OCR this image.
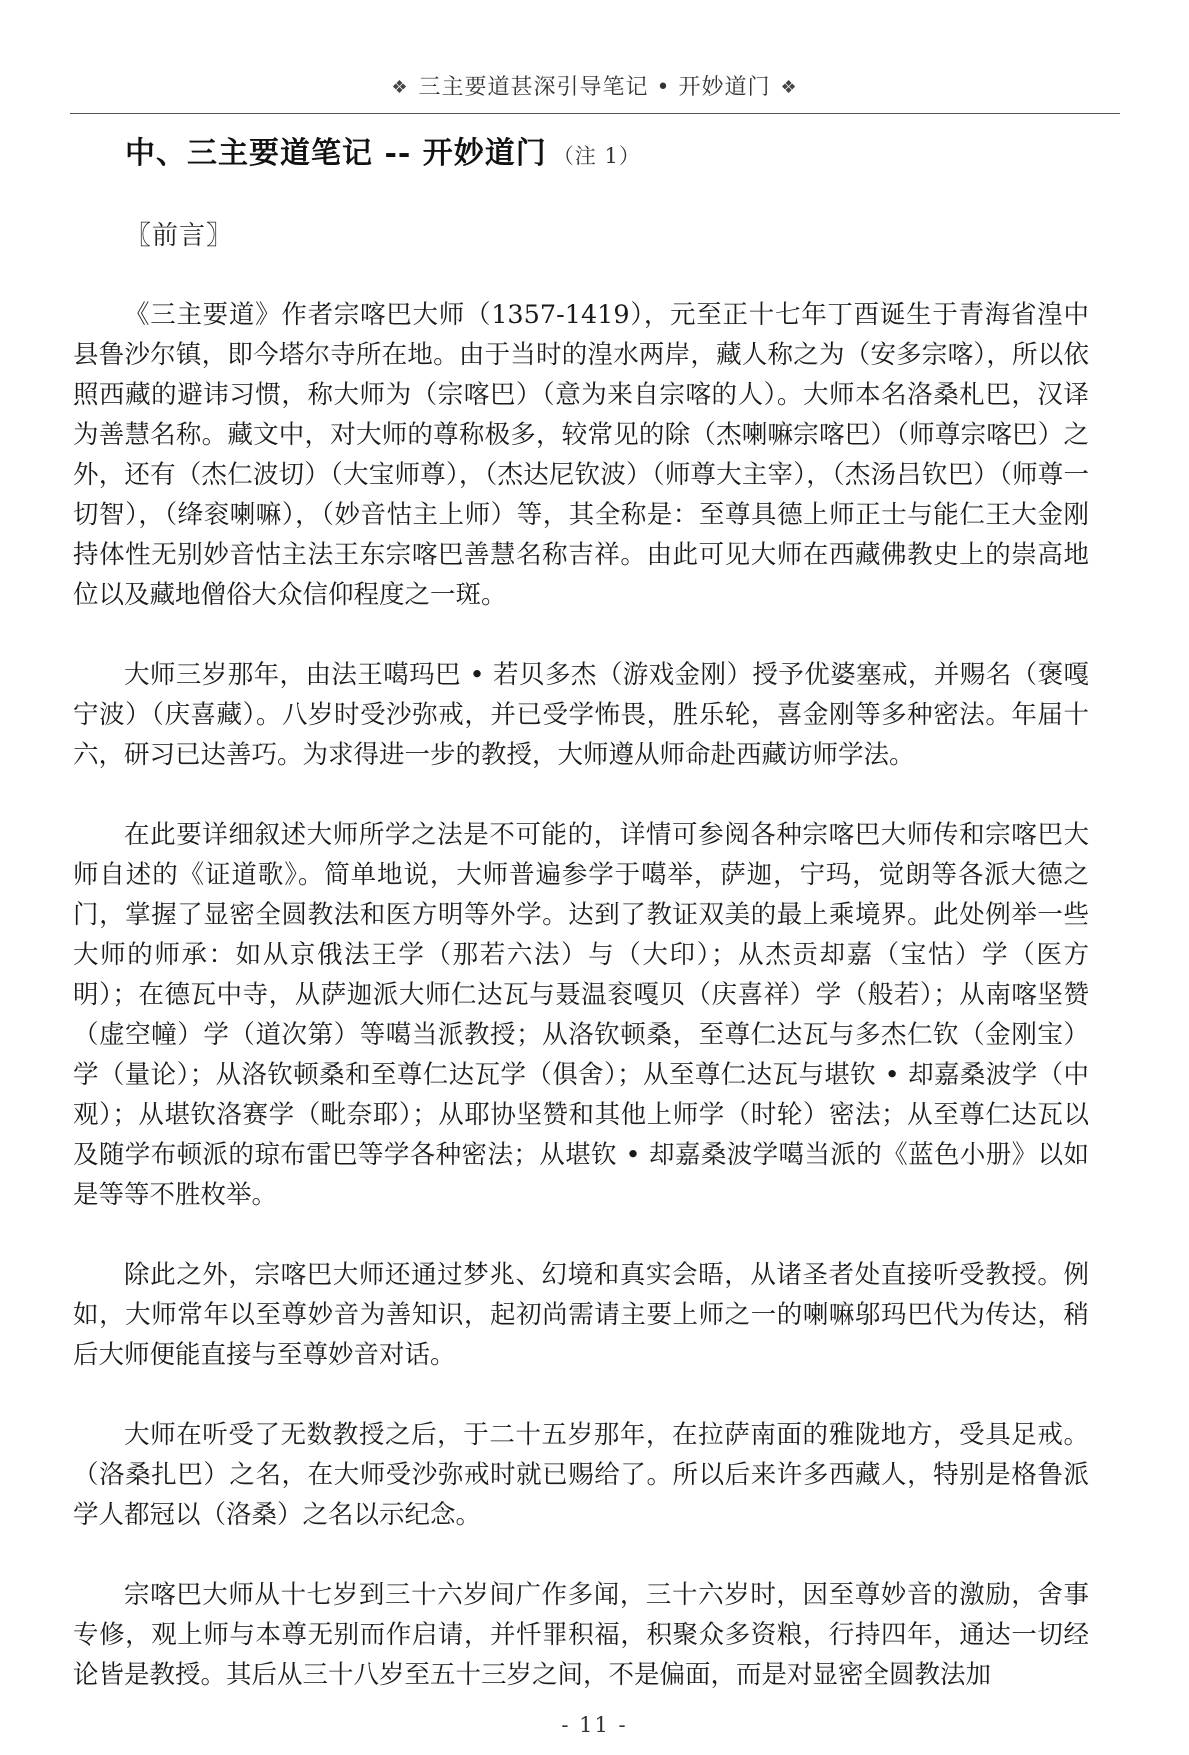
❖ 三主要道甚深引导笔记 • 开妙道门 ❖
中、三主要道笔记 -- 开妙道门 （注 1）
〖前言〗

《三主要道》作者宗喀巴大师（1357-1419），元至正十七年丁酉诞生于青海省湟中县鲁沙尔镇，即今塔尔寺所在地。由于当时的湟水两岸，藏人称之为（安多宗喀），所以依照西藏的避讳习惯，称大师为（宗喀巴）（意为来自宗喀的人）。大师本名洛桑札巴，汉译为善慧名称。藏文中，对大师的尊称极多，较常见的除（杰喇嘛宗喀巴）（师尊宗喀巴）之外，还有（杰仁波切）（大宝师尊），（杰达尼钦波）（师尊大主宰），（杰汤吕钦巴）（师尊一切智），（绛衮喇嘛），（妙音怙主上师）等，其全称是：至尊具德上师正士与能仁王大金刚持体性无别妙音怙主法王东宗喀巴善慧名称吉祥。由此可见大师在西藏佛教史上的崇高地位以及藏地僧俗大众信仰程度之一斑。

大师三岁那年，由法王噶玛巴 • 若贝多杰（游戏金刚）授予优婆塞戒，并赐名（褒嘎宁波）（庆喜藏）。八岁时受沙弥戒，并已受学怖畏，胜乐轮，喜金刚等多种密法。年届十六，研习已达善巧。为求得进一步的教授，大师遵从师命赴西藏访师学法。

在此要详细叙述大师所学之法是不可能的，详情可参阅各种宗喀巴大师传和宗喀巴大师自述的《证道歌》。简单地说，大师普遍参学于噶举，萨迦，宁玛，觉朗等各派大德之门，掌握了显密全圆教法和医方明等外学。达到了教证双美的最上乘境界。此处例举一些大师的师承：如从京俄法王学（那若六法）与（大印）；从杰贡却嘉（宝怙）学（医方明）；在德瓦中寺，从萨迦派大师仁达瓦与聂温衮嘎贝（庆喜祥）学（般若）；从南喀坚赞（虚空幢）学（道次第）等噶当派教授；从洛钦顿桑，至尊仁达瓦与多杰仁钦（金刚宝）学（量论）；从洛钦顿桑和至尊仁达瓦学（俱舍）；从至尊仁达瓦与堪钦 • 却嘉桑波学（中观）；从堪钦洛赛学（毗奈耶）；从耶协坚赞和其他上师学（时轮）密法；从至尊仁达瓦以及随学布顿派的琼布雷巴等学各种密法；从堪钦 • 却嘉桑波学噶当派的《蓝色小册》以如是等等不胜枚举。

除此之外，宗喀巴大师还通过梦兆、幻境和真实会晤，从诸圣者处直接听受教授。例如，大师常年以至尊妙音为善知识，起初尚需请主要上师之一的喇嘛邬玛巴代为传达，稍后大师便能直接与至尊妙音对话。

大师在听受了无数教授之后，于二十五岁那年，在拉萨南面的雅陇地方，受具足戒。（洛桑扎巴）之名，在大师受沙弥戒时就已赐给了。所以后来许多西藏人，特别是格鲁派学人都冠以（洛桑）之名以示纪念。

宗喀巴大师从十七岁到三十六岁间广作多闻，三十六岁时，因至尊妙音的激励，舍事专修，观上师与本尊无别而作启请，并忏罪积福，积聚众多资粮，行持四年，通达一切经论皆是教授。其后从三十八岁至五十三岁之间，不是偏面，而是对显密全圆教法加

- 11 -
